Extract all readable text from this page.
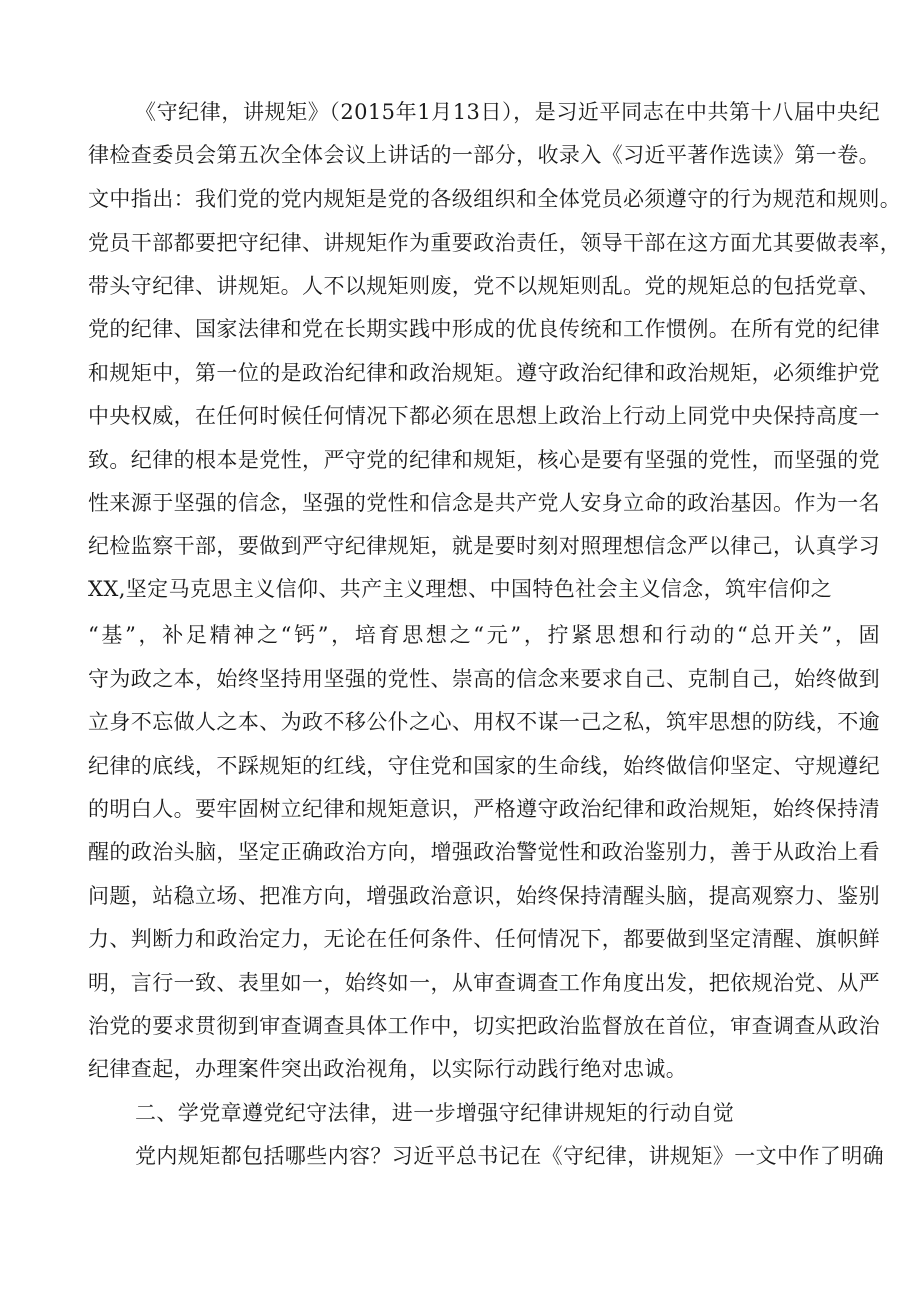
《守纪律，讲规矩》（2015年1月13日），是习近平同志在中共第十八届中央纪

律检查委员会第五次全体会议上讲话的一部分，收录入《习近平著作选读》第一卷。

文中指出：我们党的党内规矩是党的各级组织和全体党员必须遵守的行为规范和规则。

党员干部都要把守纪律、讲规矩作为重要政治责任，领导干部在这方面尤其要做表率，

带头守纪律、讲规矩。人不以规矩则废，党不以规矩则乱。党的规矩总的包括党章、

党的纪律、国家法律和党在长期实践中形成的优良传统和工作惯例。在所有党的纪律

和规矩中，第一位的是政治纪律和政治规矩。遵守政治纪律和政治规矩，必须维护党

中央权威，在任何时候任何情况下都必须在思想上政治上行动上同党中央保持高度一

致。纪律的根本是党性，严守党的纪律和规矩，核心是要有坚强的党性，而坚强的党

性来源于坚强的信念，坚强的党性和信念是共产党人安身立命的政治基因。作为一名

纪检监察干部，要做到严守纪律规矩，就是要时刻对照理想信念严以律己，认真学习

XX,坚定马克思主义信仰、共产主义理想、中国特色社会主义信念，筑牢信仰之

“基”，补足精神之“钙”，培育思想之“元”，拧紧思想和行动的“总开关”，固

守为政之本，始终坚持用坚强的党性、崇高的信念来要求自己、克制自己，始终做到

立身不忘做人之本、为政不移公仆之心、用权不谋一己之私，筑牢思想的防线，不逾

纪律的底线，不踩规矩的红线，守住党和国家的生命线，始终做信仰坚定、守规遵纪

的明白人。要牢固树立纪律和规矩意识，严格遵守政治纪律和政治规矩，始终保持清

醒的政治头脑，坚定正确政治方向，增强政治警觉性和政治鉴别力，善于从政治上看

问题，站稳立场、把准方向，增强政治意识，始终保持清醒头脑，提高观察力、鉴别

力、判断力和政治定力，无论在任何条件、任何情况下，都要做到坚定清醒、旗帜鲜

明，言行一致、表里如一，始终如一，从审查调查工作角度出发，把依规治党、从严

治党的要求贯彻到审查调查具体工作中，切实把政治监督放在首位，审查调查从政治

纪律查起，办理案件突出政治视角，以实际行动践行绝对忠诚。

二、学党章遵党纪守法律，进一步增强守纪律讲规矩的行动自觉

党内规矩都包括哪些内容？习近平总书记在《守纪律，讲规矩》一文中作了明确
